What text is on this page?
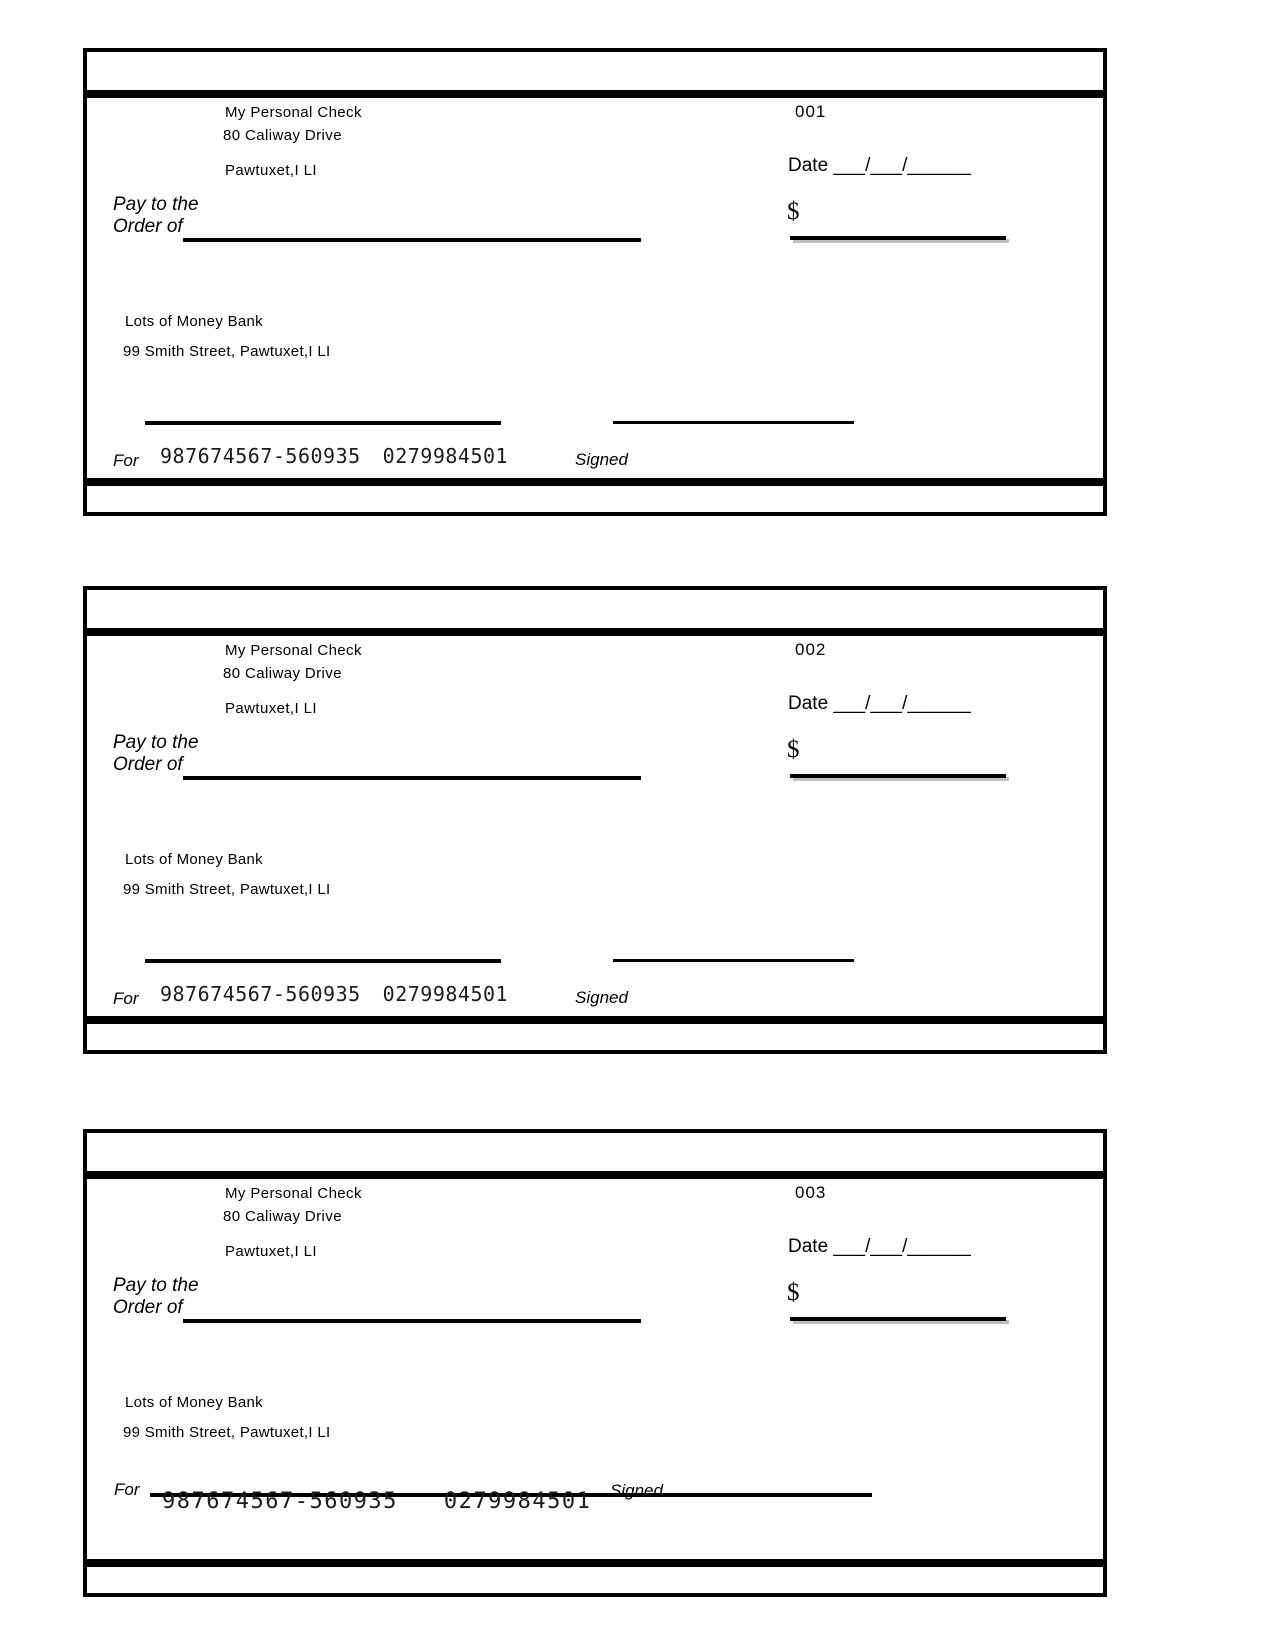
My Personal Check
80 Caliway Drive
Pawtuxet,I LI
001
Date ___/___/______
Pay to the
Order of
$
Lots of Money Bank
99 Smith Street, Pawtuxet,I LI
For 987674567-560935 0279984501	Signed
My Personal Check
80 Caliway Drive
Pawtuxet,I LI
002
Date ___/___/______
Pay to the
Order of
$
Lots of Money Bank
99 Smith Street, Pawtuxet,I LI
For 987674567-560935 0279984501	Signed
My Personal Check
80 Caliway Drive
Pawtuxet,I LI
003
Date ___/___/______
Pay to the
Order of
$
Lots of Money Bank
99 Smith Street, Pawtuxet,I LI
For 987674567-560935 0279984501 Signed
